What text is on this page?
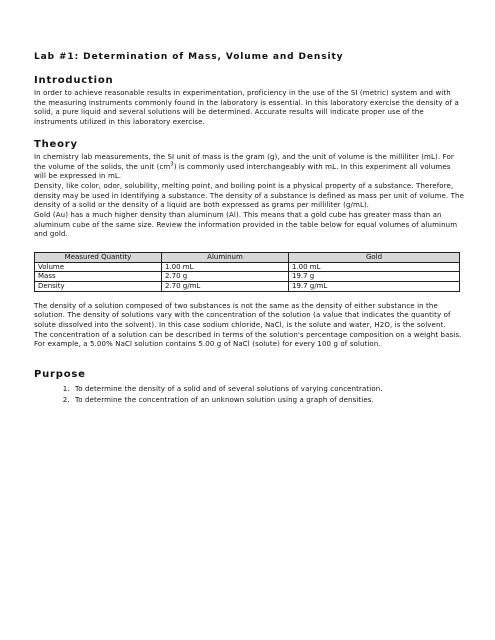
Lab #1: Determination of Mass, Volume and Density
Introduction

In order to achieve reasonable results in experimentation, proficiency in the use of the SI (metric) system and with the measuring instruments commonly found in the laboratory is essential. In this laboratory exercise the density of a solid, a pure liquid and several solutions will be determined. Accurate results will indicate proper use of the instruments utilized in this laboratory exercise.

Theory

In chemistry lab measurements, the SI unit of mass is the gram (g), and the unit of volume is the milliliter (mL). For the volume of the solids, the unit $(cm^3)$ is commonly used interchangeably with mL. In this experiment all volumes will be expressed in mL.

Density, like color, odor, solubility, melting point, and boiling point is a physical property of a substance. Therefore, density may be used in identifying a substance. The density of a substance is defined as mass per unit of volume. The density of a solid or the density of a liquid are both expressed as grams per milliliter (g/mL).

Gold (Au) has a much higher density than aluminum (Al). This means that a gold cube has greater mass than an aluminum cube of the same size. Review the information provided in the table below for equal volumes of aluminum and gold.

Measured Quantity	Aluminum	Gold
Volume	1.00 mL	1.00 mL
Mass	2.70 g	19.7 g
Density	2.70 g/mL	19.7 g/mL

The density of a solution composed of two substances is not the same as the density of either substance in the solution. The density of solutions vary with the concentration of the solution (a value that indicates the quantity of solute dissolved into the solvent). In this case sodium chloride, NaCl, is the solute and water, H2O, is the solvent.

The concentration of a solution can be described in terms of the solution's percentage composition on a weight basis. For example, a 5.00% NaCl solution contains 5.00 g of NaCl (solute) for every 100 g of solution.

Purpose
1. To determine the density of a solid and of several solutions of varying concentration.
2. To determine the concentration of an unknown solution using a graph of densities.
